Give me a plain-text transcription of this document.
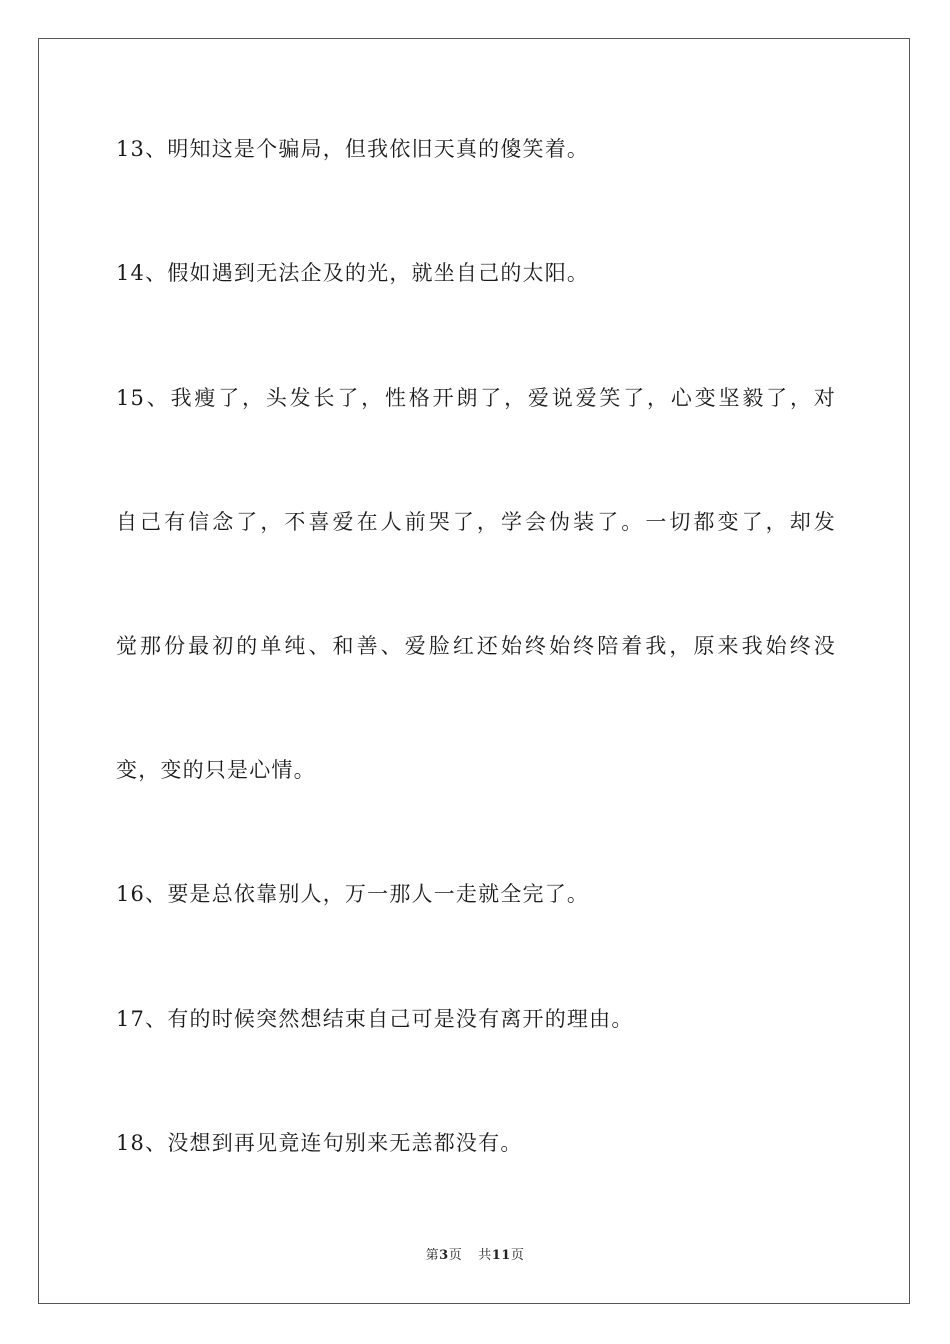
13、明知这是个骗局，但我依旧天真的傻笑着。
14、假如遇到无法企及的光，就坐自己的太阳。
15、我瘦了，头发长了，性格开朗了，爱说爱笑了，心变坚毅了，对
自己有信念了，不喜爱在人前哭了，学会伪装了。一切都变了，却发
觉那份最初的单纯、和善、爱脸红还始终始终陪着我，原来我始终没
变，变的只是心情。
16、要是总依靠别人，万一那人一走就全完了。
17、有的时候突然想结束自己可是没有离开的理由。
18、没想到再见竟连句别来无恙都没有。
第3页 共11页
